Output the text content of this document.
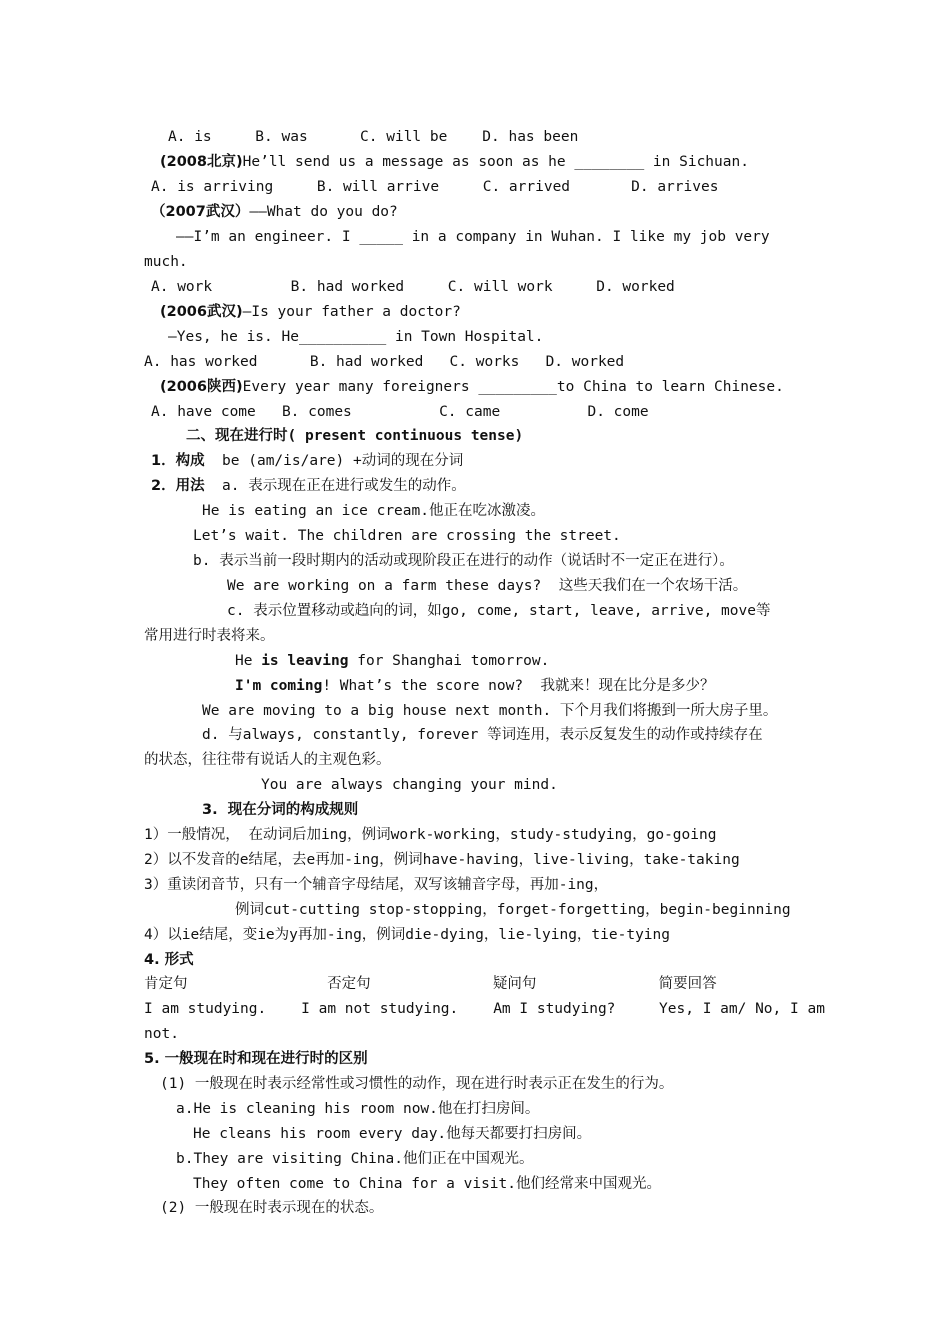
A. is     B. was      C. will be    D. has been
(2008北京)He’ll send us a message as soon as he ________ in Sichuan.
A. is arriving     B. will arrive     C. arrived       D. arrives
（2007武汉）——What do you do?
——I’m an engineer. I _____ in a company in Wuhan. I like my job very
much.
A. work         B. had worked     C. will work     D. worked
(2006武汉)—Is your father a doctor?
—Yes, he is. He__________ in Town Hospital.
A. has worked      B. had worked   C. works   D. worked
(2006陕西)Every year many foreigners _________to China to learn Chinese.
A. have come   B. comes          C. came          D. come
二、现在进行时( present continuous tense)
1．构成  be (am/is/are) +动词的现在分词
2．用法  a. 表示现在正在进行或发生的动作。
He is eating an ice cream.他正在吃冰激凌。
Let’s wait. The children are crossing the street.
b. 表示当前一段时期内的活动或现阶段正在进行的动作（说话时不一定正在进行）。
We are working on a farm these days?  这些天我们在一个农场干活。
c. 表示位置移动或趋向的词，如go, come, start, leave, arrive, move等
常用进行时表将来。
He is leaving for Shanghai tomorrow.
I'm coming! What’s the score now?  我就来！现在比分是多少？
We are moving to a big house next month. 下个月我们将搬到一所大房子里。
d. 与always, constantly, forever 等词连用，表示反复发生的动作或持续存在
的状态，往往带有说话人的主观色彩。
You are always changing your mind.
3.  现在分词的构成规则
1）一般情况， 在动词后加ing，例词work-working，study-studying，go-going
2）以不发音的e结尾，去e再加-ing，例词have-having，live-living，take-taking
3）重读闭音节，只有一个辅音字母结尾，双写该辅音字母，再加-ing，
例词cut-cutting stop-stopping，forget-forgetting，begin-beginning
4）以ie结尾，变ie为y再加-ing，例词die-dying，lie-lying，tie-tying
4. 形式
肯定句                否定句              疑问句              简要回答
I am studying.    I am not studying.    Am I studying?     Yes, I am/ No, I am
not.
5. 一般现在时和现在进行时的区别
(1) 一般现在时表示经常性或习惯性的动作，现在进行时表示正在发生的行为。
a.He is cleaning his room now.他在打扫房间。
He cleans his room every day.他每天都要打扫房间。
b.They are visiting China.他们正在中国观光。
They often come to China for a visit.他们经常来中国观光。
(2) 一般现在时表示现在的状态。
